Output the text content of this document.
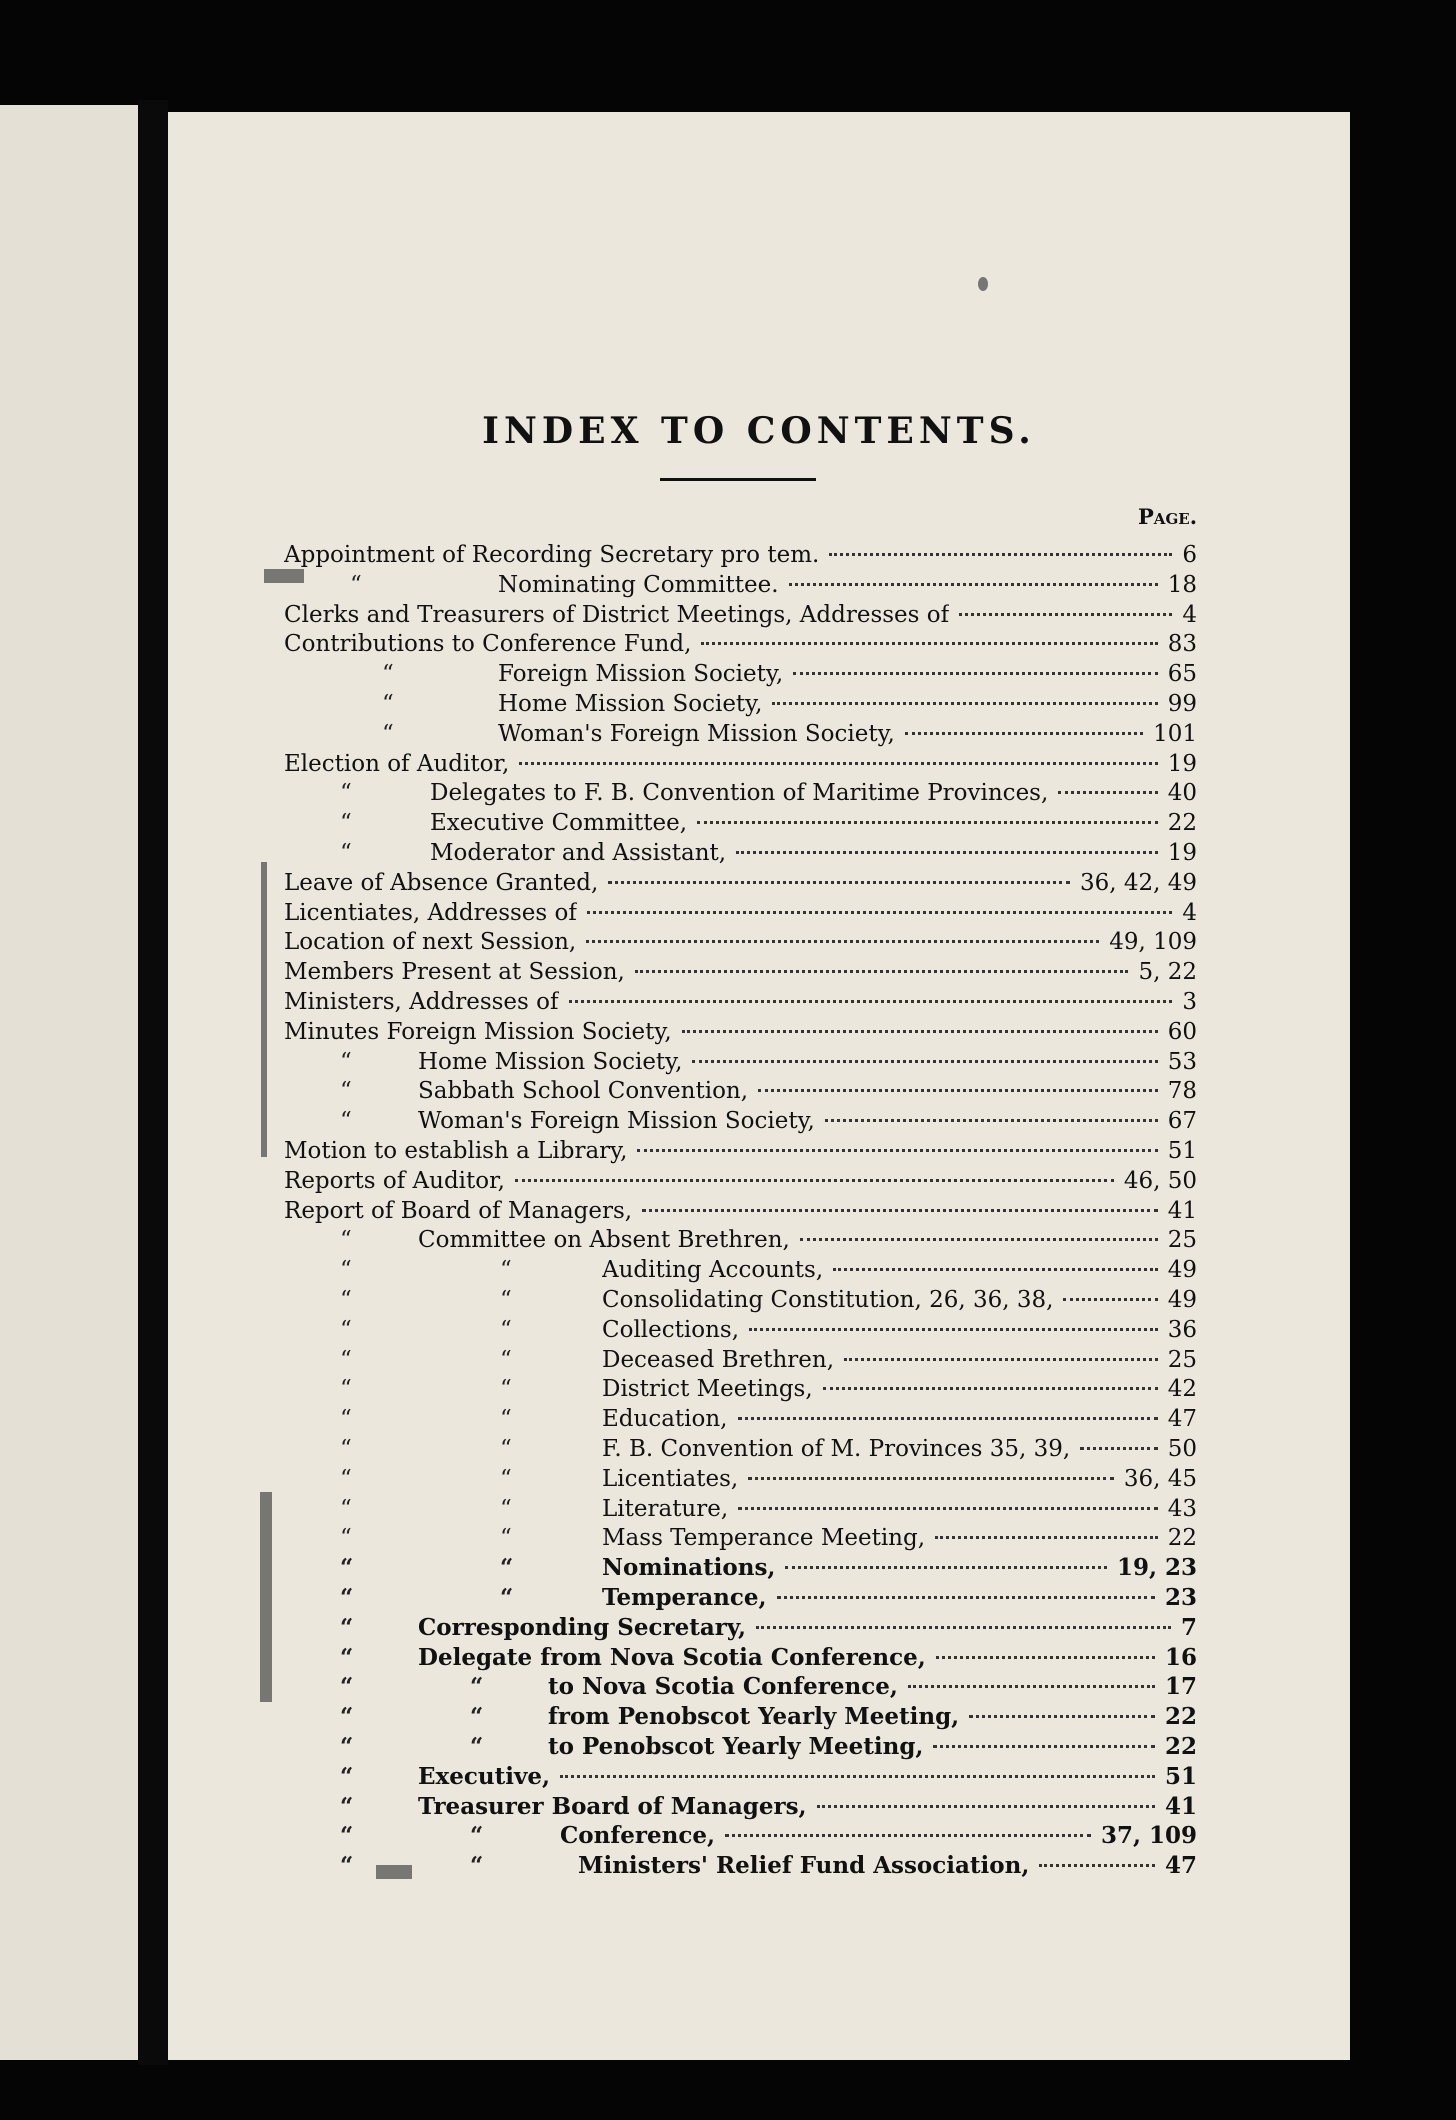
INDEX TO CONTENTS.
Page.
Appointment of Recording Secretary pro tem.	6
“	Nominating Committee.	18
Clerks and Treasurers of District Meetings, Addresses of	4
Contributions to Conference Fund,	83
“	Foreign Mission Society,	65
“	Home Mission Society,	99
“	Woman's Foreign Mission Society,	101
Election of Auditor,	19
“	Delegates to F. B. Convention of Maritime Provinces,	40
“	Executive Committee,	22
“	Moderator and Assistant,	19
Leave of Absence Granted,	36, 42, 49
Licentiates, Addresses of	4
Location of next Session,	49, 109
Members Present at Session,	5, 22
Ministers, Addresses of	3
Minutes Foreign Mission Society,	60
“	Home Mission Society,	53
“	Sabbath School Convention,	78
“	Woman's Foreign Mission Society,	67
Motion to establish a Library,	51
Reports of Auditor,	46, 50
Report of Board of Managers,	41
“	Committee on Absent Brethren,	25
“	“	Auditing Accounts,	49
“	“	Consolidating Constitution, 26, 36, 38,	49
“	“	Collections,	36
“	“	Deceased Brethren,	25
“	“	District Meetings,	42
“	“	Education,	47
“	“	F. B. Convention of M. Provinces 35, 39,	50
“	“	Licentiates,	36, 45
“	“	Literature,	43
“	“	Mass Temperance Meeting,	22
“	“	Nominations,	19, 23
“	“	Temperance,	23
“	Corresponding Secretary,	7
“	Delegate from Nova Scotia Conference,	16
“	“	to Nova Scotia Conference,	17
“	“	from Penobscot Yearly Meeting,	22
“	“	to Penobscot Yearly Meeting,	22
“	Executive,	51
“	Treasurer Board of Managers,	41
“	“	Conference,	37, 109
“	“	Ministers' Relief Fund Association,	47
